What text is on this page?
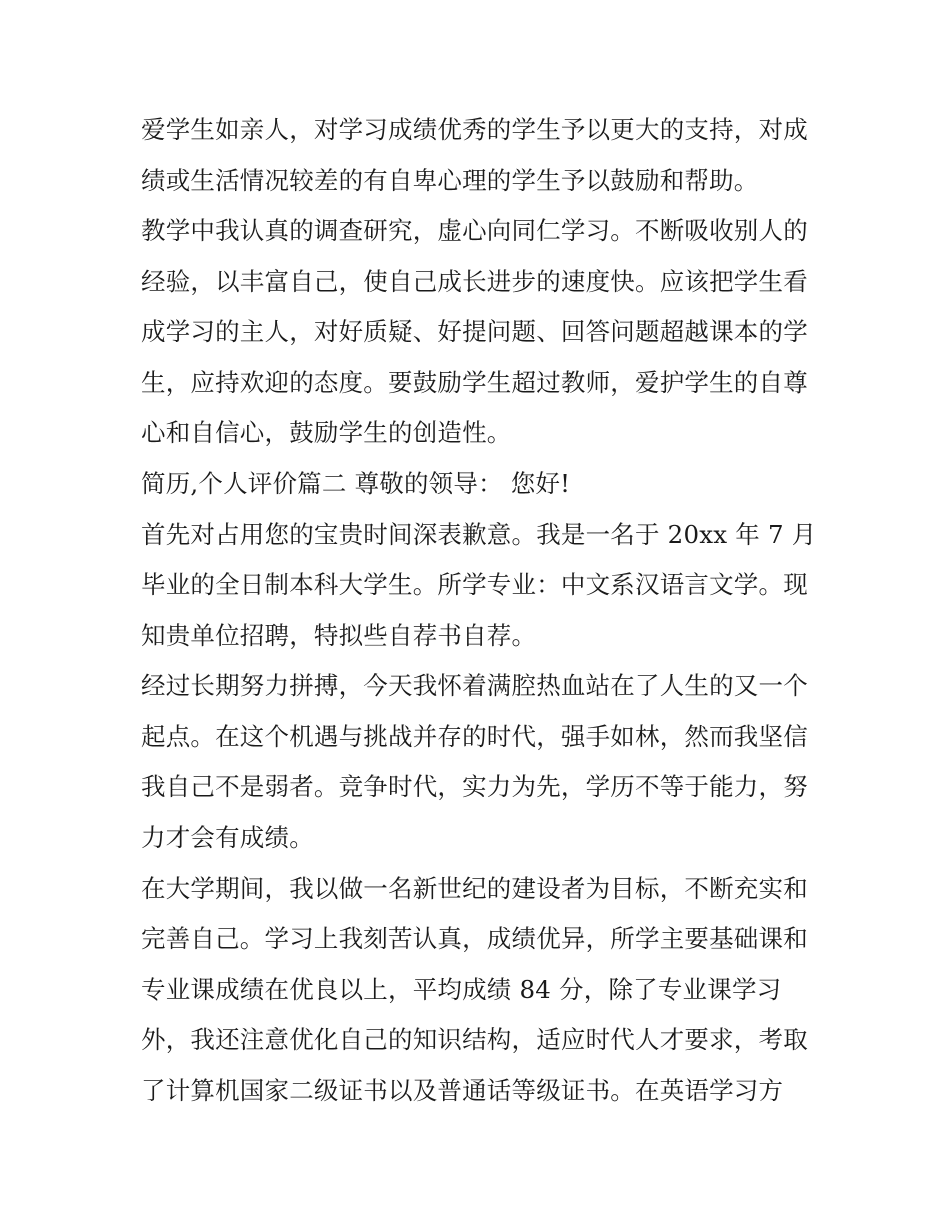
爱学生如亲人，对学习成绩优秀的学生予以更大的支持，对成
绩或生活情况较差的有自卑心理的学生予以鼓励和帮助。
教学中我认真的调查研究，虚心向同仁学习。不断吸收别人的
经验，以丰富自己，使自己成长进步的速度快。应该把学生看
成学习的主人，对好质疑、好提问题、回答问题超越课本的学
生，应持欢迎的态度。要鼓励学生超过教师，爱护学生的自尊
心和自信心，鼓励学生的创造性。
简历,个人评价篇二 尊敬的领导： 您好!
首先对占用您的宝贵时间深表歉意。我是一名于 20xx 年 7 月
毕业的全日制本科大学生。所学专业：中文系汉语言文学。现
知贵单位招聘，特拟些自荐书自荐。
经过长期努力拼搏，今天我怀着满腔热血站在了人生的又一个
起点。在这个机遇与挑战并存的时代，强手如林，然而我坚信
我自己不是弱者。竞争时代，实力为先，学历不等于能力，努
力才会有成绩。
在大学期间，我以做一名新世纪的建设者为目标，不断充实和
完善自己。学习上我刻苦认真，成绩优异，所学主要基础课和
专业课成绩在优良以上，平均成绩 84 分，除了专业课学习
外，我还注意优化自己的知识结构，适应时代人才要求，考取
了计算机国家二级证书以及普通话等级证书。在英语学习方
